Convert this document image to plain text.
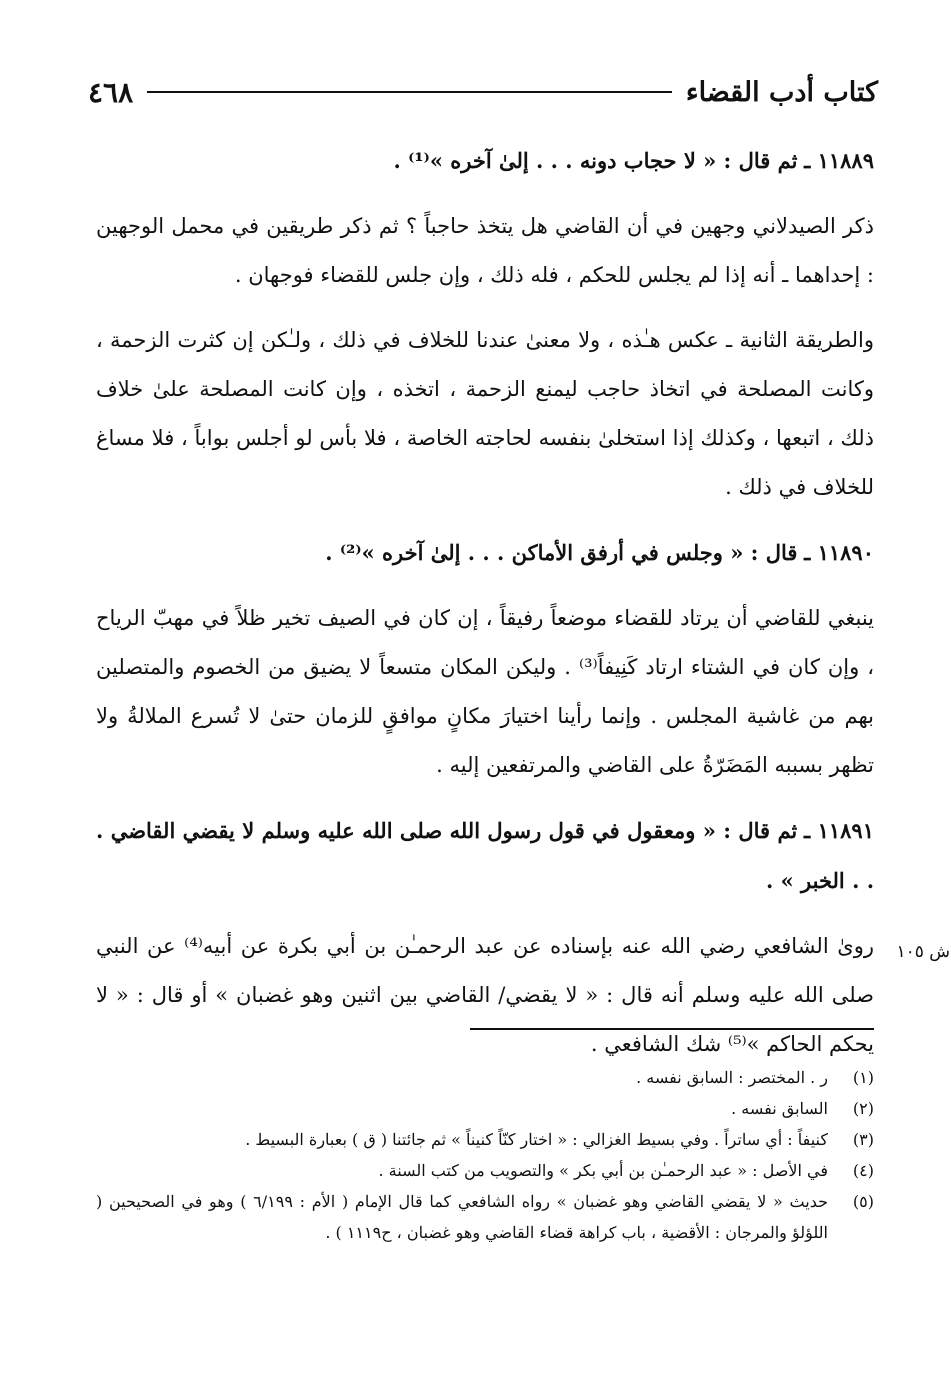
كتاب أدب القضاء
٤٦٨
ش ١٠٥

١١٨٨٩ ـ ثم قال : « لا حجاب دونه . . . إلىٰ آخره »⁽¹⁾ .

ذكر الصيدلاني وجهين في أن القاضي هل يتخذ حاجباً ؟ ثم ذكر طريقين في محمل الوجهين : إحداهما ـ أنه إذا لم يجلس للحكم ، فله ذلك ، وإن جلس للقضاء فوجهان .

والطريقة الثانية ـ عكس هـٰذه ، ولا معنىٰ عندنا للخلاف في ذلك ، ولـٰكن إن كثرت الزحمة ، وكانت المصلحة في اتخاذ حاجب ليمنع الزحمة ، اتخذه ، وإن كانت المصلحة علىٰ خلاف ذلك ، اتبعها ، وكذلك إذا استخلىٰ بنفسه لحاجته الخاصة ، فلا بأس لو أجلس بواباً ، فلا مساغ للخلاف في ذلك .

١١٨٩٠ ـ قال : « وجلس في أرفق الأماكن . . . إلىٰ آخره »⁽²⁾ .

ينبغي للقاضي أن يرتاد للقضاء موضعاً رفيقاً ، إن كان في الصيف تخير ظلاً في مهبّ الرياح ، وإن كان في الشتاء ارتاد كَنِيفاً⁽³⁾ . وليكن المكان متسعاً لا يضيق من الخصوم والمتصلين بهم من غاشية المجلس . وإنما رأينا اختيارَ مكانٍ موافقٍ للزمان حتىٰ لا تُسرع الملالةُ ولا تظهر بسببه المَضَرّةُ على القاضي والمرتفعين إليه .

١١٨٩١ ـ ثم قال : « ومعقول في قول رسول الله صلى الله عليه وسلم لا يقضي القاضي . . . الخبر » .

روىٰ الشافعي رضي الله عنه بإسناده عن عبد الرحمـٰن بن أبي بكرة عن أبيه⁽⁴⁾ عن النبي صلى الله عليه وسلم أنه قال : « لا يقضي/ القاضي بين اثنين وهو غضبان » أو قال : « لا يحكم الحاكم »⁽⁵⁾ شك الشافعي .

(١)
ر . المختصر : السابق نفسه .
(٢)
السابق نفسه .
(٣)
كنيفاً : أي ساتراً . وفي بسيط الغزالي : « اختار كنّاً كنيناً » ثم جائتنا ( ق ) بعبارة البسيط .
(٤)
في الأصل : « عبد الرحمـٰن بن أبي بكر » والتصويب من كتب السنة .
(٥)
حديث « لا يقضي القاضي وهو غضبان » رواه الشافعي كما قال الإمام ( الأم : ٦/١٩٩ ) وهو في الصحيحين ( اللؤلؤ والمرجان : الأقضية ، باب كراهة قضاء القاضي وهو غضبان ، ح١١١٩ ) .
